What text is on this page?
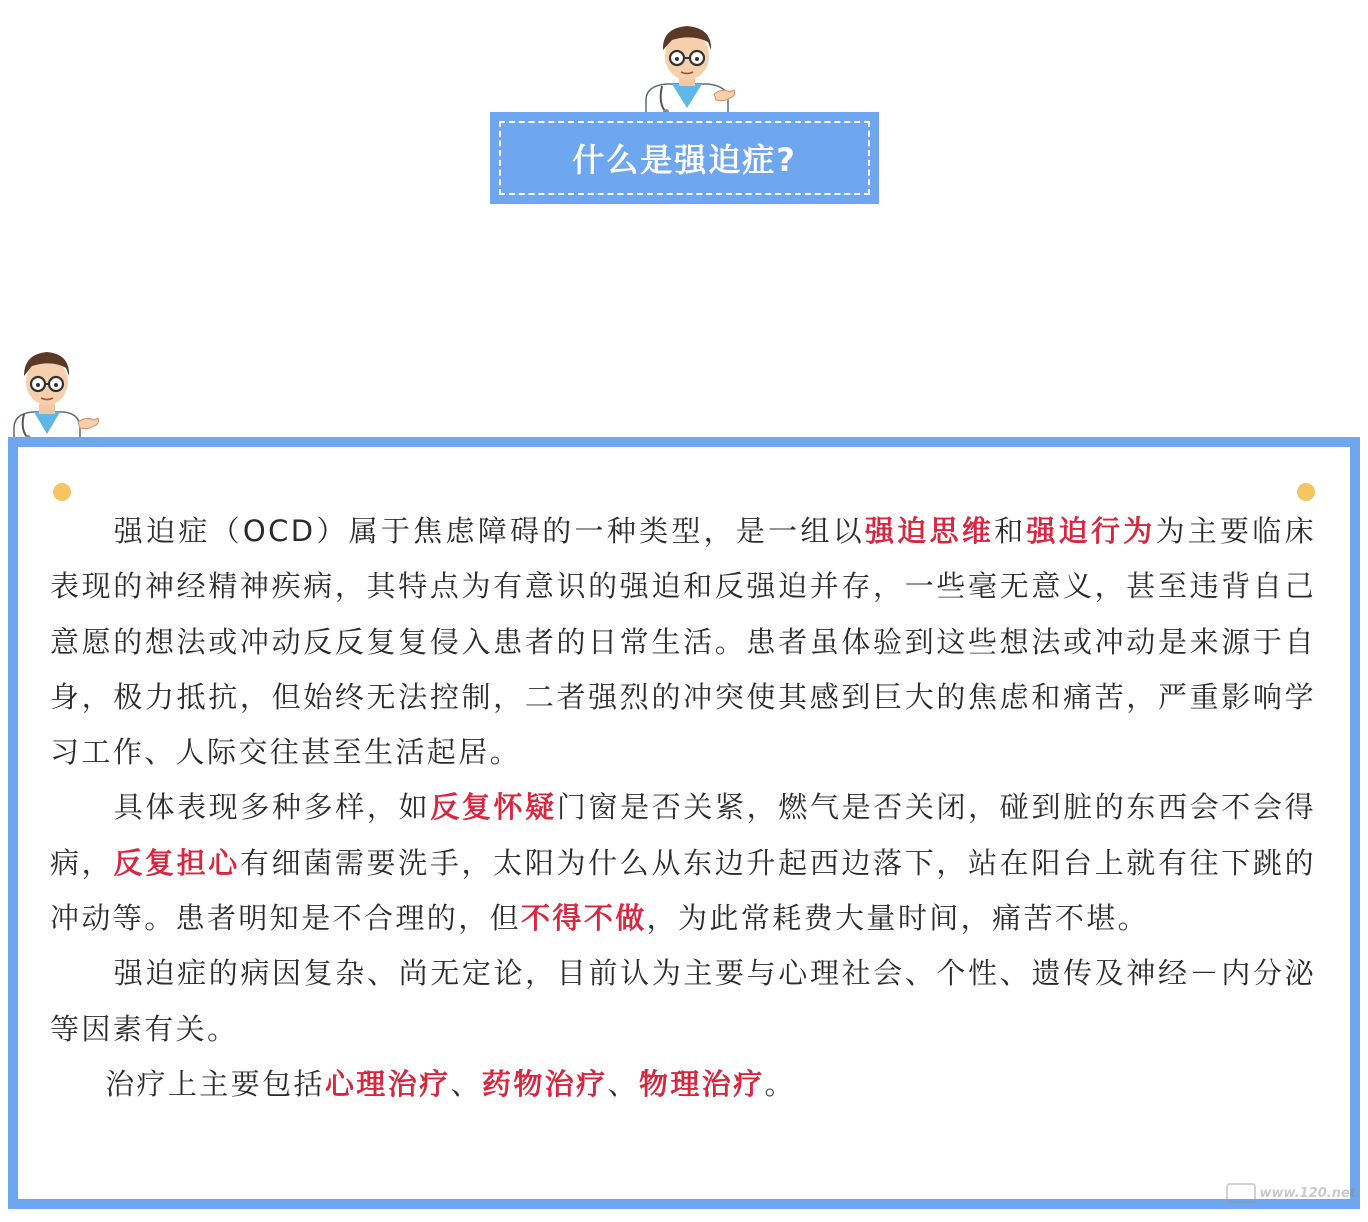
什么是强迫症?

强迫症（OCD）属于焦虑障碍的一种类型，是一组以强迫思维和强迫行为为主要临床表现的神经精神疾病，其特点为有意识的强迫和反强迫并存，一些毫无意义，甚至违背自己意愿的想法或冲动反反复复侵入患者的日常生活。患者虽体验到这些想法或冲动是来源于自身，极力抵抗，但始终无法控制，二者强烈的冲突使其感到巨大的焦虑和痛苦，严重影响学习工作、人际交往甚至生活起居。

具体表现多种多样，如反复怀疑门窗是否关紧，燃气是否关闭，碰到脏的东西会不会得病，反复担心有细菌需要洗手，太阳为什么从东边升起西边落下，站在阳台上就有往下跳的冲动等。患者明知是不合理的，但不得不做，为此常耗费大量时间，痛苦不堪。

强迫症的病因复杂、尚无定论，目前认为主要与心理社会、个性、遗传及神经－内分泌等因素有关。

治疗上主要包括心理治疗、药物治疗、物理治疗。

www.120.net
